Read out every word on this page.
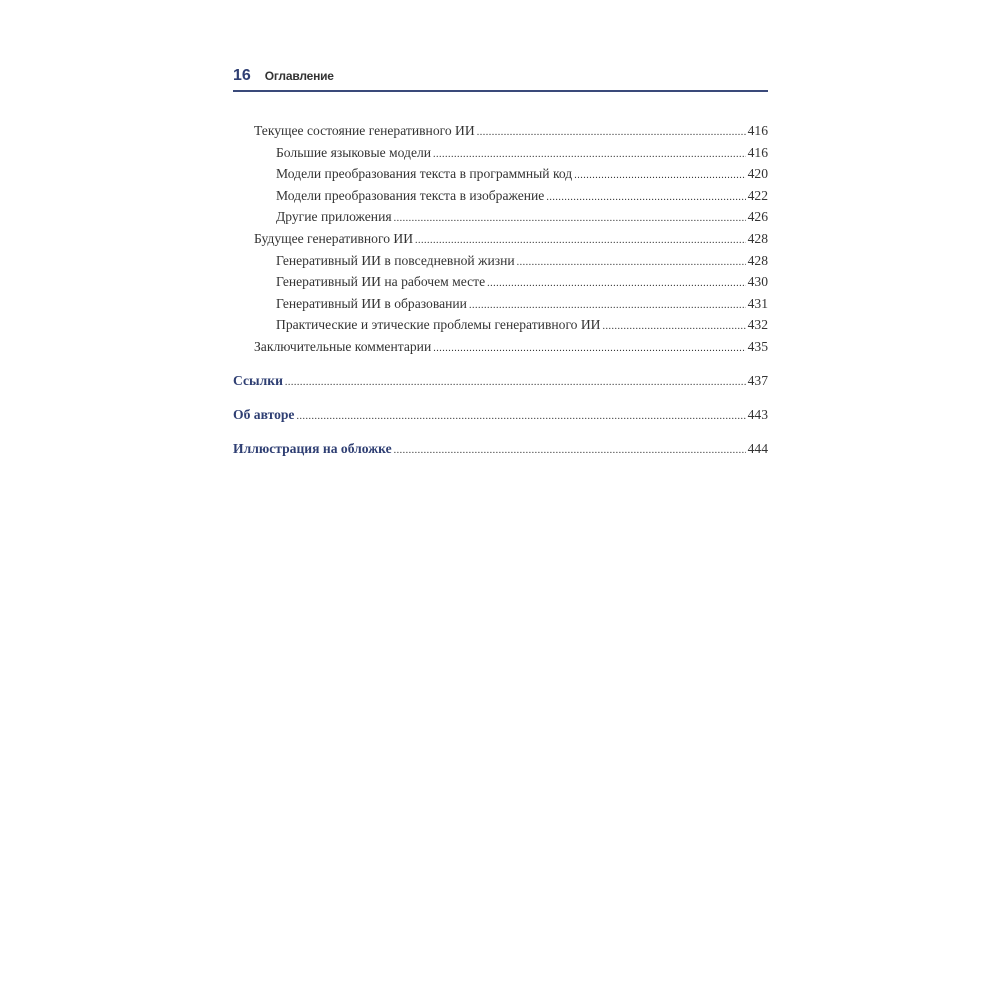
16 Оглавление
Текущее состояние генеративного ИИ .....	416
Большие языковые модели .....	416
Модели преобразования текста в программный код .....	420
Модели преобразования текста в изображение .....	422
Другие приложения .....	426
Будущее генеративного ИИ .....	428
Генеративный ИИ в повседневной жизни .....	428
Генеративный ИИ на рабочем месте .....	430
Генеративный ИИ в образовании .....	431
Практические и этические проблемы генеративного ИИ .....	432
Заключительные комментарии .....	435
Ссылки .....	437
Об авторе .....	443
Иллюстрация на обложке .....	444
